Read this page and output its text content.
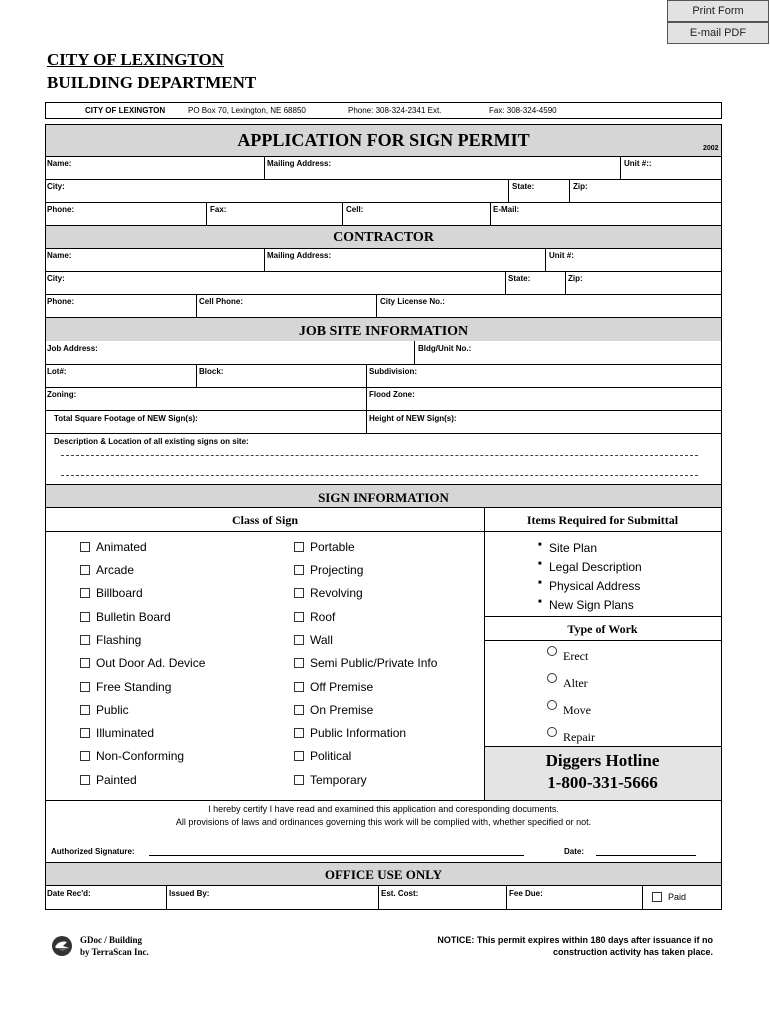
Print Form
E-mail PDF
CITY OF LEXINGTON
BUILDING DEPARTMENT
CITY OF LEXINGTON	PO Box 70, Lexington, NE 68850	Phone: 308-324-2341 Ext.	Fax: 308-324-4590
APPLICATION FOR SIGN PERMIT	2002
Name:	Mailing Address:	Unit #::
City:	State:	Zip:
Phone:	Fax:	Cell:	E-Mail:
CONTRACTOR
Name:	Mailing Address:	Unit #:
City:	State:	Zip:
Phone:	Cell Phone:	City License No.:
JOB SITE INFORMATION
Job Address:	Bldg/Unit No.:
Lot#:	Block:	Subdivision:
Zoning:	Flood Zone:
Total Square Footage of NEW Sign(s):	Height of NEW Sign(s):
Description & Location of all existing signs on site:
SIGN INFORMATION
Class of Sign	Items Required for Submittal
Animated
Arcade
Billboard
Bulletin Board
Flashing
Out Door Ad. Device
Free Standing
Public
Illuminated
Non-Conforming
Painted
Portable
Projecting
Revolving
Roof
Wall
Semi Public/Private Info
Off Premise
On Premise
Public Information
Political
Temporary
■ Site Plan
■ Legal Description
■ Physical Address
■ New Sign Plans
Type of Work
Erect
Alter
Move
Repair
Diggers Hotline
1-800-331-5666
I hereby certify I have read and examined this application and coresponding documents.
All provisions of laws and ordinances governing this work will be complied with, whether specified or not.
Authorized Signature:	Date:
OFFICE USE ONLY
Date Rec'd:	Issued By:	Est. Cost:	Fee Due:	Paid
GDoc / Building
by TerraScan Inc.
NOTICE: This permit expires within 180 days after issuance if no
construction activity has taken place.
